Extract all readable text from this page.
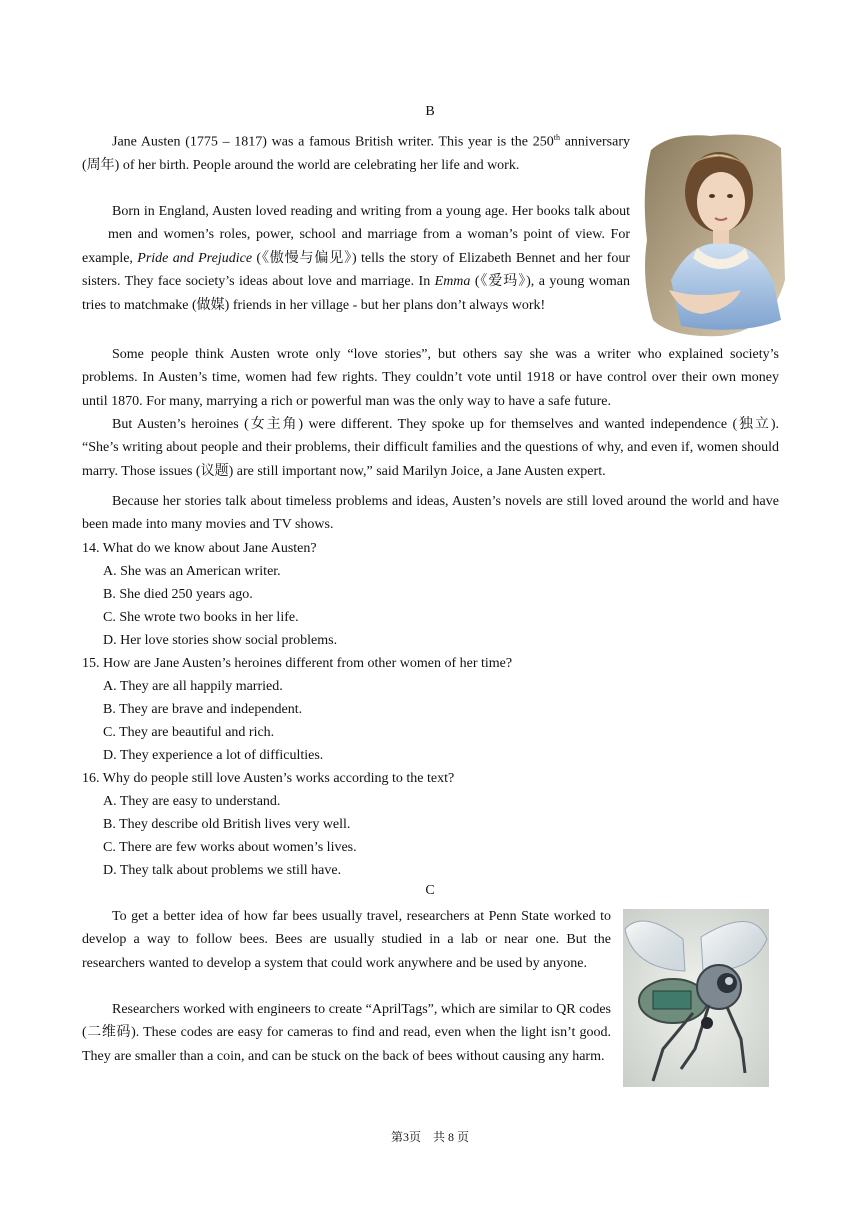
B

Jane Austen (1775 – 1817) was a famous British writer. This year is the 250th anniversary (周年) of her birth. People around the world are celebrating her life and work.

Born in England, Austen loved reading and writing from a young age. Her books talk about men and women’s roles, power, school and marriage from a woman’s point of view. For example, Pride and Prejudice (《傲慢与偏见》) tells the story of Elizabeth Bennet and her four sisters. They face society’s ideas about love and marriage. In Emma (《爱玛》), a young woman tries to matchmake (做媒) friends in her village - but her plans don’t always work!

Some people think Austen wrote only “love stories”, but others say she was a writer who explained society’s problems. In Austen’s time, women had few rights. They couldn’t vote until 1918 or have control over their own money until 1870. For many, marrying a rich or powerful man was the only way to have a safe future.

But Austen’s heroines (女主角) were different. They spoke up for themselves and wanted independence (独立). “She’s writing about people and their problems, their difficult families and the questions of why, and even if, women should marry. Those issues (议题) are still important now,” said Marilyn Joice, a Jane Austen expert.

Because her stories talk about timeless problems and ideas, Austen’s novels are still loved around the world and have been made into many movies and TV shows.

14. What do we know about Jane Austen?
A. She was an American writer.
B. She died 250 years ago.
C. She wrote two books in her life.
D. Her love stories show social problems.
15. How are Jane Austen’s heroines different from other women of her time?
A. They are all happily married.
B. They are brave and independent.
C. They are beautiful and rich.
D. They experience a lot of difficulties.
16. Why do people still love Austen’s works according to the text?
A. They are easy to understand.
B. They describe old British lives very well.
C. There are few works about women’s lives.
D. They talk about problems we still have.
C

To get a better idea of how far bees usually travel, researchers at Penn State worked to develop a way to follow bees. Bees are usually studied in a lab or near one. But the researchers wanted to develop a system that could work anywhere and be used by anyone.

Researchers worked with engineers to create “AprilTags”, which are similar to QR codes (二维码). These codes are easy for cameras to find and read, even when the light isn’t good. They are smaller than a coin, and can be stuck on the back of bees without causing any harm.

第3页　共 8 页
